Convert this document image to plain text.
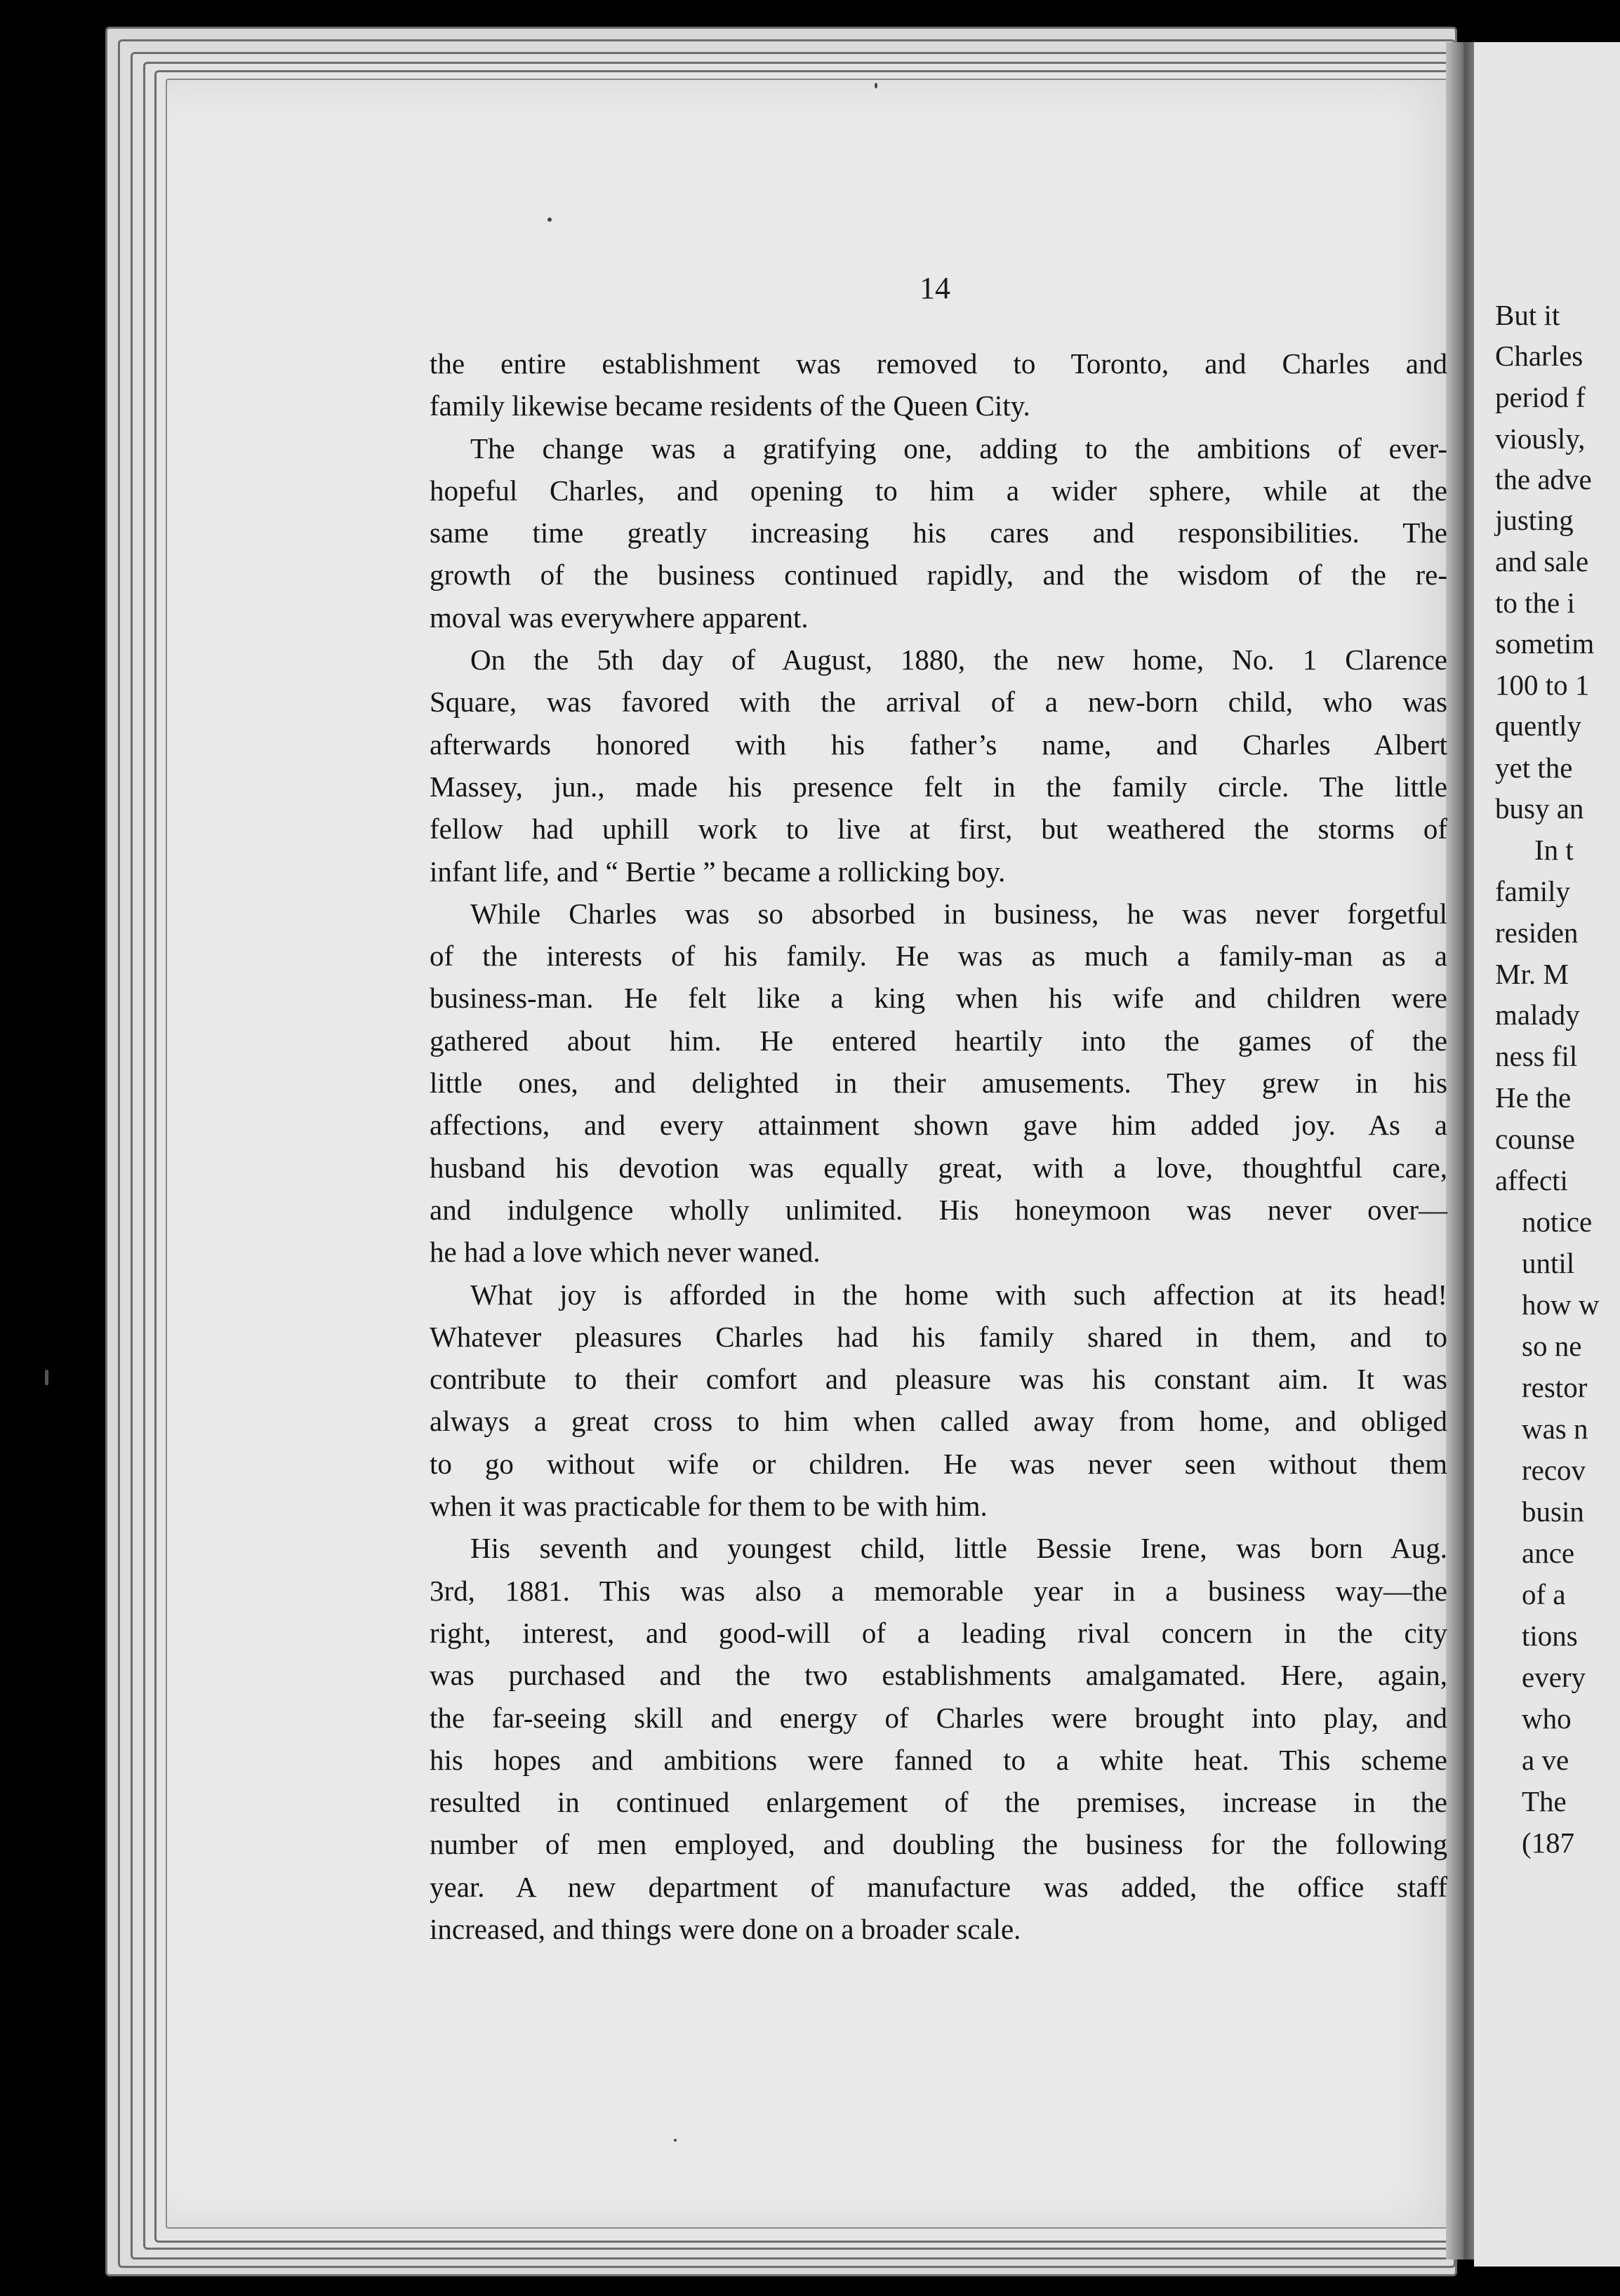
But it
Charles
period f
viously,
the adve
justing
and sale
to the i
sometim
100 to 1
quently
yet the
busy an
In t
family
residen
Mr. M
malady
ness fil
He the
counse
affecti
notice
until
how w
so ne
restor
was n
recov
busin
ance
of a
tions
every
who
a ve
The
(187
14
the entire establishment was removed to Toronto, and Charles and
family likewise became residents of the Queen City.
The change was a gratifying one, adding to the ambitions of ever-
hopeful Charles, and opening to him a wider sphere, while at the
same time greatly increasing his cares and responsibilities. The
growth of the business continued rapidly, and the wisdom of the re-
moval was everywhere apparent.
On the 5th day of August, 1880, the new home, No. 1 Clarence
Square, was favored with the arrival of a new-born child, who was
afterwards honored with his father’s name, and Charles Albert
Massey, jun., made his presence felt in the family circle. The little
fellow had uphill work to live at first, but weathered the storms of
infant life, and “ Bertie ” became a rollicking boy.
While Charles was so absorbed in business, he was never forgetful
of the interests of his family. He was as much a family-man as a
business-man. He felt like a king when his wife and children were
gathered about him. He entered heartily into the games of the
little ones, and delighted in their amusements. They grew in his
affections, and every attainment shown gave him added joy. As a
husband his devotion was equally great, with a love, thoughtful care,
and indulgence wholly unlimited. His honeymoon was never over—
he had a love which never waned.
What joy is afforded in the home with such affection at its head!
Whatever pleasures Charles had his family shared in them, and to
contribute to their comfort and pleasure was his constant aim. It was
always a great cross to him when called away from home, and obliged
to go without wife or children. He was never seen without them
when it was practicable for them to be with him.
His seventh and youngest child, little Bessie Irene, was born Aug.
3rd, 1881. This was also a memorable year in a business way—the
right, interest, and good-will of a leading rival concern in the city
was purchased and the two establishments amalgamated. Here, again,
the far-seeing skill and energy of Charles were brought into play, and
his hopes and ambitions were fanned to a white heat. This scheme
resulted in continued enlargement of the premises, increase in the
number of men employed, and doubling the business for the following
year. A new department of manufacture was added, the office staff
increased, and things were done on a broader scale.
